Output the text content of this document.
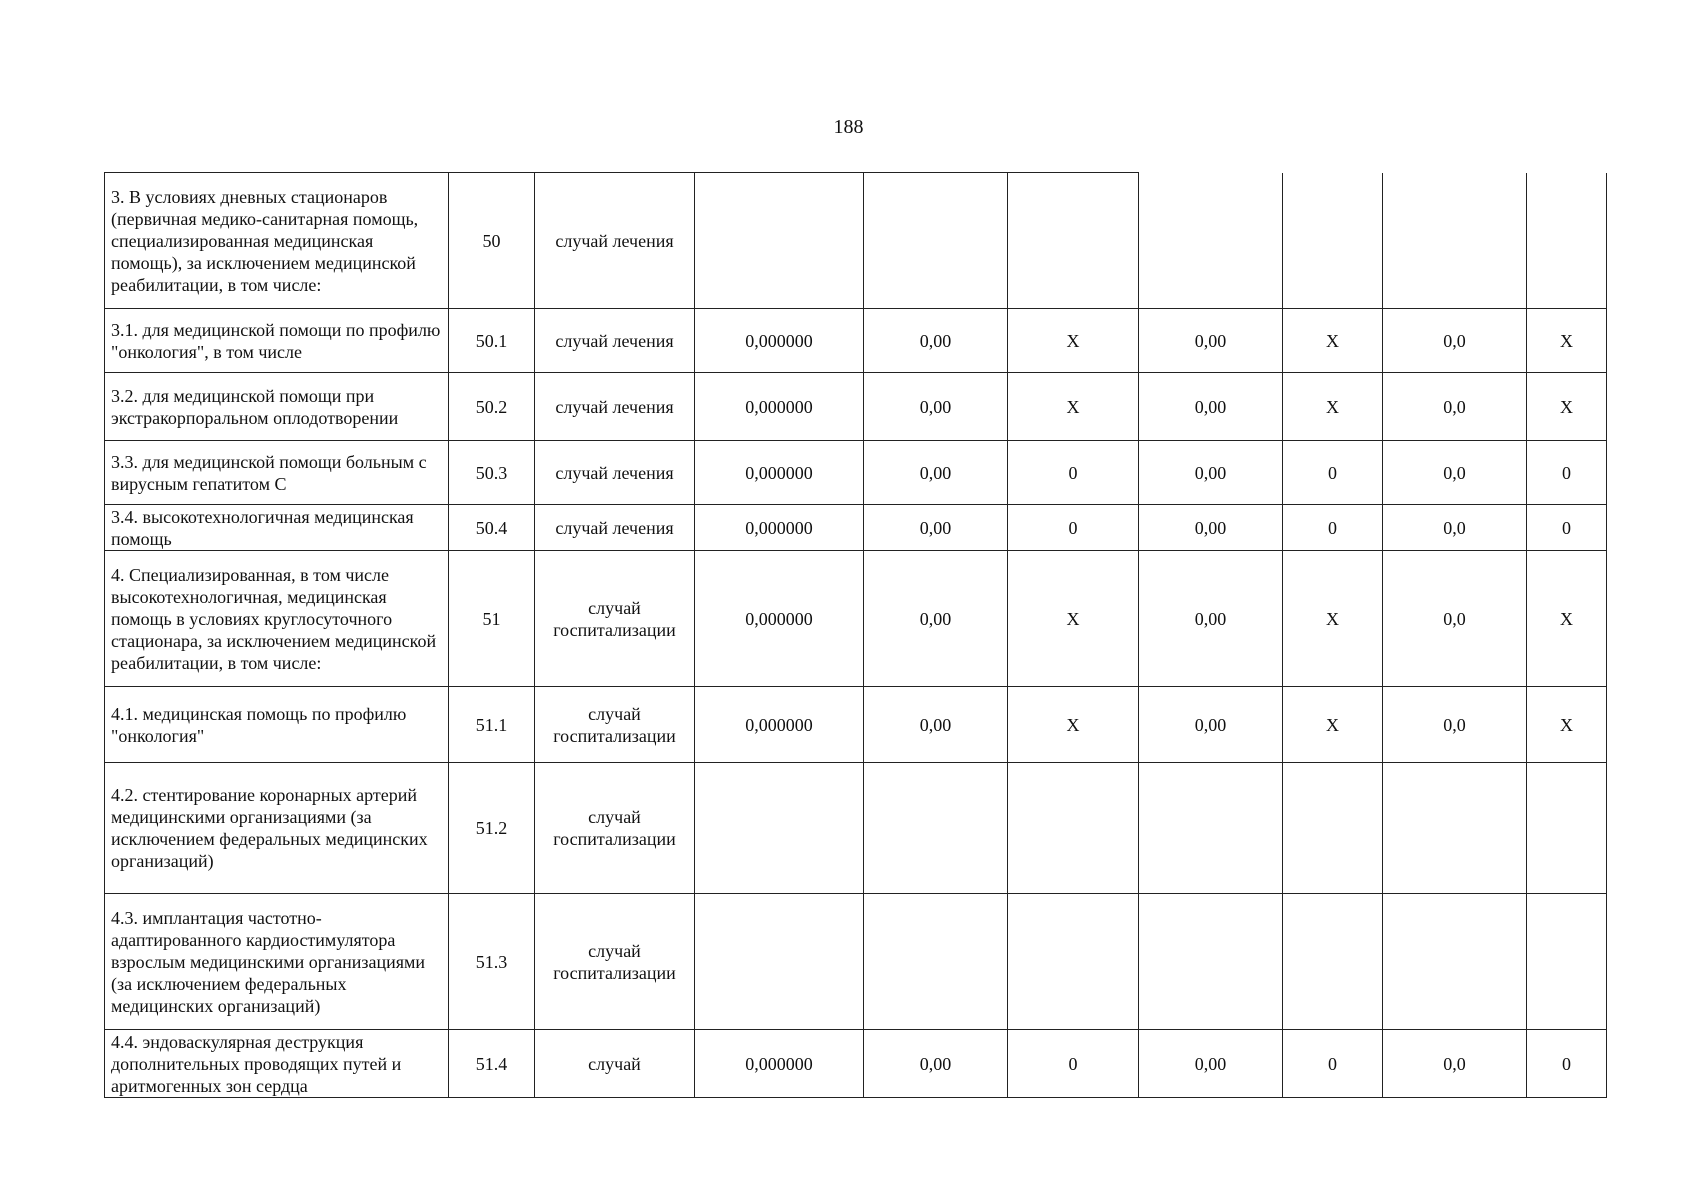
188
3. В условиях дневных стационаров (первичная медико-санитарная помощь, специализированная медицинская помощь), за исключением медицинской реабилитации, в том числе:	50	случай лечения							
3.1. для медицинской помощи по профилю "онкология", в том числе	50.1	случай лечения	0,000000	0,00	Х	0,00	Х	0,0	Х
3.2. для медицинской помощи при экстракорпоральном оплодотворении	50.2	случай лечения	0,000000	0,00	Х	0,00	Х	0,0	Х
3.3. для медицинской помощи больным с вирусным гепатитом С	50.3	случай лечения	0,000000	0,00	0	0,00	0	0,0	0
3.4. высокотехнологичная медицинская помощь	50.4	случай лечения	0,000000	0,00	0	0,00	0	0,0	0
4. Специализированная, в том числе высокотехнологичная, медицинская помощь в условиях круглосуточного стационара, за исключением медицинской реабилитации, в том числе:	51	случай госпитализации	0,000000	0,00	Х	0,00	Х	0,0	Х
4.1. медицинская помощь по профилю "онкология"	51.1	случай госпитализации	0,000000	0,00	Х	0,00	Х	0,0	Х
4.2. стентирование коронарных артерий медицинскими организациями (за исключением федеральных медицинских организаций)	51.2	случай госпитализации							
4.3. имплантация частотно-адаптированного кардиостимулятора взрослым медицинскими организациями (за исключением федеральных медицинских организаций)	51.3	случай госпитализации							
4.4. эндоваскулярная деструкция дополнительных проводящих путей и аритмогенных зон сердца	51.4	случай	0,000000	0,00	0	0,00	0	0,0	0
